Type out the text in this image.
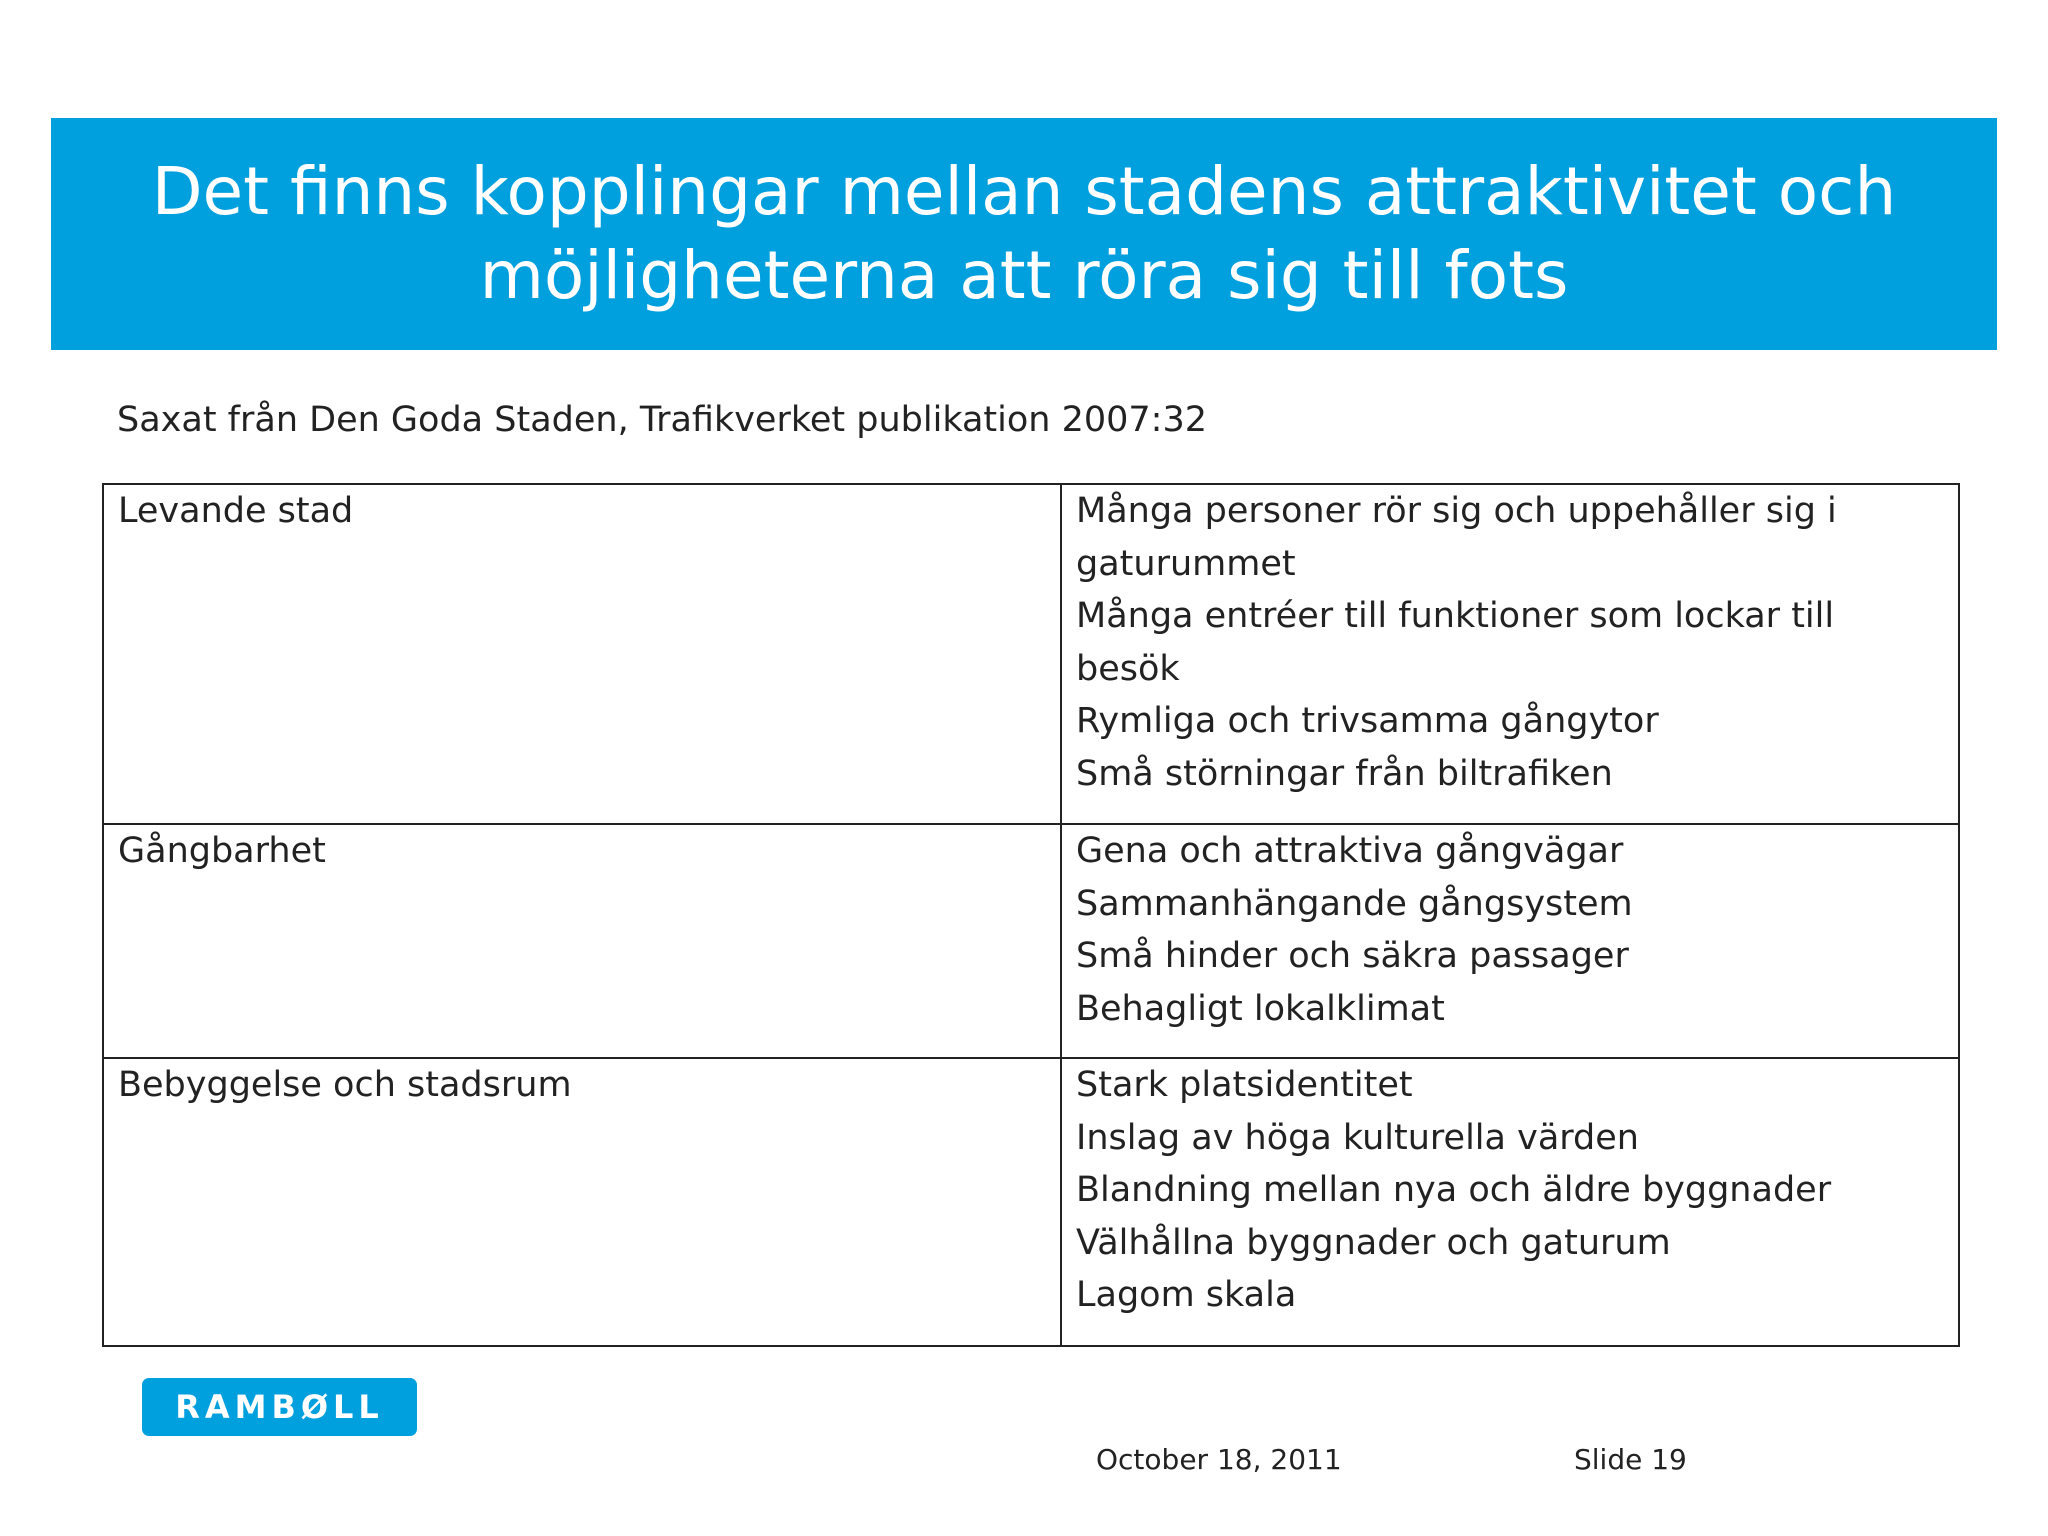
Det finns kopplingar mellan stadens attraktivitet och
möjligheterna att röra sig till fots
Saxat från Den Goda Staden, Trafikverket publikation 2007:32
Levande stad	Många personer rör sig och uppehåller sig i gaturummet
Många entréer till funktioner som lockar till besök
Rymliga och trivsamma gångytor
Små störningar från biltrafiken

Gångbarhet	Gena och attraktiva gångvägar
Sammanhängande gångsystem
Små hinder och säkra passager
Behagligt lokalklimat

Bebyggelse och stadsrum	Stark platsidentitet
Inslag av höga kulturella värden
Blandning mellan nya och äldre byggnader
Välhållna byggnader och gaturum
Lagom skala
RAMBØLL
October 18, 2011	Slide 19
